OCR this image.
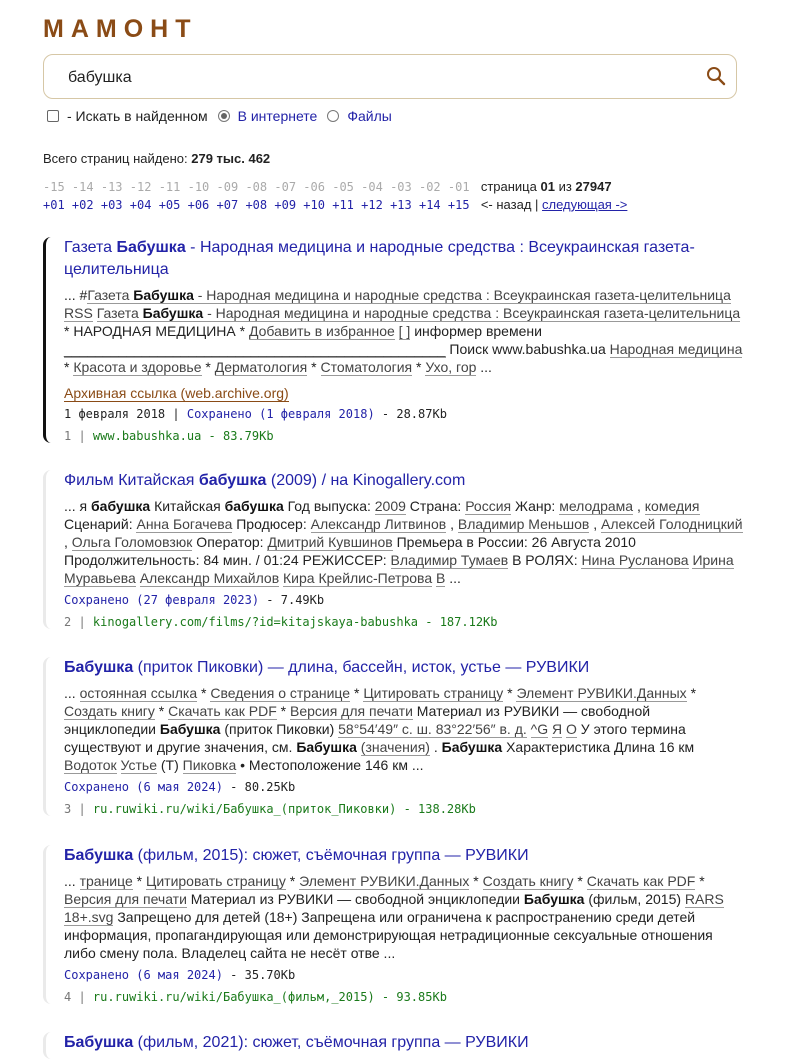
МАМОНТ
бабушка
- Искать в найденном В интернете Файлы
Всего страниц найдено: 279 тыс. 462
-15 -14 -13 -12 -11 -10 -09 -08 -07 -06 -05 -04 -03 -02 -01 страница 01 из 27947
+01 +02 +03 +04 +05 +06 +07 +08 +09 +10 +11 +12 +13 +14 +15 <- назад | следующая ->
Газета Бабушка - Народная медицина и народные средства : Всеукраинская газета-целительница
... #Газета Бабушка - Народная медицина и народные средства : Всеукраинская газета-целительница RSS Газета Бабушка - Народная медицина и народные средства : Всеукраинская газета-целительница * НАРОДНАЯ МЕДИЦИНА * Добавить в избранное [ ] информер времени _________________________________________________ Поиск www.babushka.ua Народная медицина * Красота и здоровье * Дерматология * Стоматология * Ухо, гор ...
Архивная ссылка (web.archive.org)
1 февраля 2018 | Сохранено (1 февраля 2018) - 28.87Kb
1 | www.babushka.ua - 83.79Kb
Фильм Китайская бабушка (2009) / на Kinogallery.com
... я бабушка Китайская бабушка Год выпуска: 2009 Страна: Россия Жанр: мелодрама , комедия Сценарий: Анна Богачева Продюсер: Александр Литвинов , Владимир Меньшов , Алексей Голодницкий , Ольга Голомовзюк Оператор: Дмитрий Кувшинов Премьера в России: 26 Августа 2010 Продолжительность: 84 мин. / 01:24 РЕЖИССЕР: Владимир Тумаев В РОЛЯХ: Нина Русланова Ирина Муравьева Александр Михайлов Кира Крейлис-Петрова В ...
Сохранено (27 февраля 2023) - 7.49Kb
2 | kinogallery.com/films/?id=kitajskaya-babushka - 187.12Kb
Бабушка (приток Пиковки) — длина, бассейн, исток, устье — РУВИКИ
... остоянная ссылка * Сведения о странице * Цитировать страницу * Элемент РУВИКИ.Данных * Создать книгу * Скачать как PDF * Версия для печати Материал из РУВИКИ — свободной энциклопедии Бабушка (приток Пиковки) 58°54′49″ с. ш. 83°22′56″ в. д. ^G Я О У этого термина существуют и другие значения, см. Бабушка (значения) . Бабушка Характеристика Длина 16 км Водоток Устье (Т) Пиковка • Местоположение 146 км ...
Сохранено (6 мая 2024) - 80.25Kb
3 | ru.ruwiki.ru/wiki/Бабушка_(приток_Пиковки) - 138.28Kb
Бабушка (фильм, 2015): сюжет, съёмочная группа — РУВИКИ
... транице * Цитировать страницу * Элемент РУВИКИ.Данных * Создать книгу * Скачать как PDF * Версия для печати Материал из РУВИКИ — свободной энциклопедии Бабушка (фильм, 2015) RARS 18+.svg Запрещено для детей (18+) Запрещена или ограничена к распространению среди детей информация, пропагандирующая или демонстрирующая нетрадиционные сексуальные отношения либо смену пола. Владелец сайта не несёт отве ...
Сохранено (6 мая 2024) - 35.70Kb
4 | ru.ruwiki.ru/wiki/Бабушка_(фильм,_2015) - 93.85Kb
Бабушка (фильм, 2021): сюжет, съёмочная группа — РУВИКИ
